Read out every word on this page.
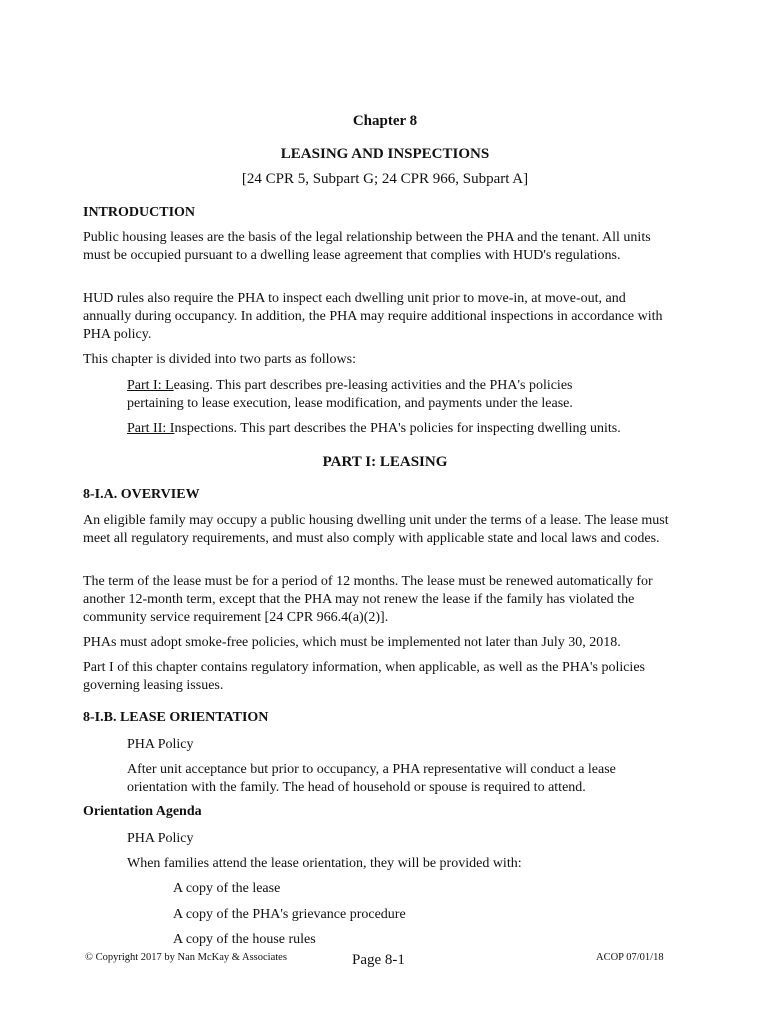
Chapter 8
LEASING AND INSPECTIONS
[24 CPR 5, Subpart G; 24 CPR 966, Subpart A]
INTRODUCTION

Public housing leases are the basis of the legal relationship between the PHA and the tenant. All units must be occupied pursuant to a dwelling lease agreement that complies with HUD's regulations.

HUD rules also require the PHA to inspect each dwelling unit prior to move-in, at move-out, and annually during occupancy. In addition, the PHA may require additional inspections in accordance with PHA policy.

This chapter is divided into two parts as follows:

Part I: Leasing. This part describes pre-leasing activities and the PHA's policies pertaining to lease execution, lease modification, and payments under the lease.

Part II: Inspections. This part describes the PHA's policies for inspecting dwelling units.

PART I: LEASING
8-I.A. OVERVIEW

An eligible family may occupy a public housing dwelling unit under the terms of a lease. The lease must meet all regulatory requirements, and must also comply with applicable state and local laws and codes.

The term of the lease must be for a period of 12 months. The lease must be renewed automatically for another 12-month term, except that the PHA may not renew the lease if the family has violated the community service requirement [24 CPR 966.4(a)(2)].

PHAs must adopt smoke-free policies, which must be implemented not later than July 30, 2018.

Part I of this chapter contains regulatory information, when applicable, as well as the PHA's policies governing leasing issues.

8-I.B. LEASE ORIENTATION

PHA Policy

After unit acceptance but prior to occupancy, a PHA representative will conduct a lease orientation with the family. The head of household or spouse is required to attend.

Orientation Agenda

PHA Policy

When families attend the lease orientation, they will be provided with:

A copy of the lease

A copy of the PHA's grievance procedure

A copy of the house rules

© Copyright 2017 by Nan McKay & Associates	Page 8-1	ACOP 07/01/18
